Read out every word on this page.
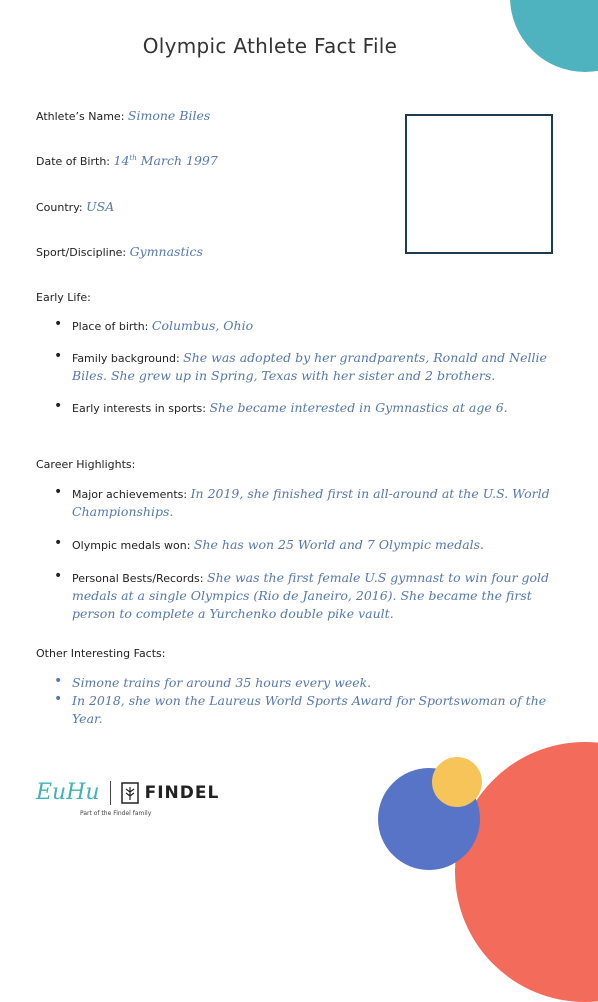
Olympic Athlete Fact File
Athlete’s Name: Simone Biles
Date of Birth: 14th March 1997
Country: USA
Sport/Discipline: Gymnastics
Early Life:
• Place of birth: Columbus, Ohio
• Family background: She was adopted by her grandparents, Ronald and Nellie Biles. She grew up in Spring, Texas with her sister and 2 brothers.
• Early interests in sports: She became interested in Gymnastics at age 6.
Career Highlights:
• Major achievements: In 2019, she finished first in all-around at the U.S. World Championships.
• Olympic medals won: She has won 25 World and 7 Olympic medals.
• Personal Bests/Records: She was the first female U.S gymnast to win four gold medals at a single Olympics (Rio de Janeiro, 2016). She became the first person to complete a Yurchenko double pike vault.
Other Interesting Facts:
• Simone trains for around 35 hours every week.
• In 2018, she won the Laureus World Sports Award for Sportswoman of the Year.
EuHu	FINDEL
Part of the Findel family
